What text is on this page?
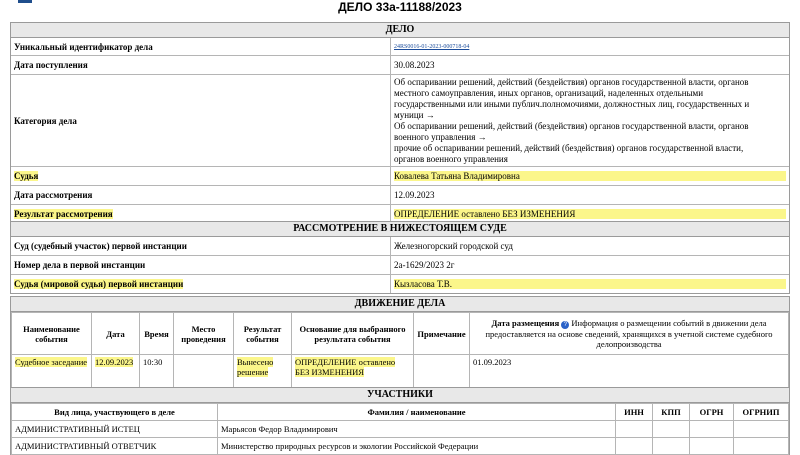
ДЕЛО 33а-11188/2023
ДЕЛО
Уникальный идентификатор дела	24RS0016-01-2023-000718-04
Дата поступления	30.08.2023
Категория дела
Об оспаривании решений, действий (бездействия) органов государственной власти, органов
местного самоуправления, иных органов, организаций, наделенных отдельными
государственными или иными публич.полномочиями, должностных лиц, государственных и
муници →
Об оспаривании решений, действий (бездействия) органов государственной власти, органов
военного управления →
прочие об оспаривании решений, действий (бездействия) органов государственной власти,
органов военного управления
Судья	Ковалева Татьяна Владимировна
Дата рассмотрения	12.09.2023
Результат рассмотрения	ОПРЕДЕЛЕНИЕ оставлено БЕЗ ИЗМЕНЕНИЯ
РАССМОТРЕНИЕ В НИЖЕСТОЯЩЕМ СУДЕ
Суд (судебный участок) первой инстанции	Железногорский городской суд
Номер дела в первой инстанции	2а-1629/2023 2г
Судья (мировой судья) первой инстанции	Кызласова Т.В.
ДВИЖЕНИЕ ДЕЛА
Наименование события	Дата	Время	Место проведения	Результат события	Основание для выбранного результата события	Примечание	Дата размещения ? Информация о размещении событий в движении дела предоставляется на основе сведений, хранящихся в учетной системе судебного делопроизводства
Судебное заседание	12.09.2023	10:30		Вынесено решение	ОПРЕДЕЛЕНИЕ оставлено БЕЗ ИЗМЕНЕНИЯ		01.09.2023
УЧАСТНИКИ
Вид лица, участвующего в деле	Фамилия / наименование	ИНН	КПП	ОГРН	ОГРНИП
АДМИНИСТРАТИВНЫЙ ИСТЕЦ	Марьясов Федор Владимирович				
АДМИНИСТРАТИВНЫЙ ОТВЕТЧИК	Министерство природных ресурсов и экологии Российской Федерации				
